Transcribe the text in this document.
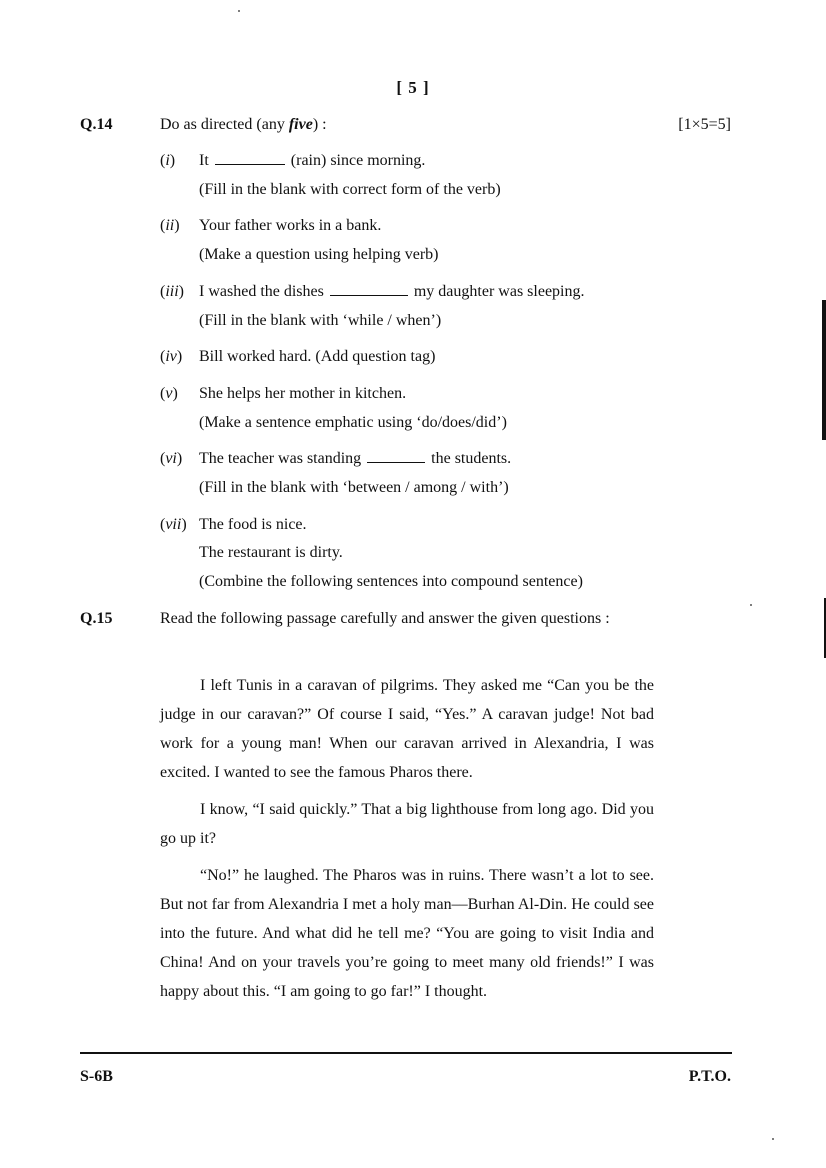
[ 5 ]
Q.14	Do as directed (any five) :	[1×5=5]
(i) It	(rain) since morning.
(Fill in the blank with correct form of the verb)
(ii) Your father works in a bank.
(Make a question using helping verb)
(iii) I washed the dishes	my daughter was sleeping.
(Fill in the blank with ‘while / when’)
(iv) Bill worked hard. (Add question tag)
(v) She helps her mother in kitchen.
(Make a sentence emphatic using ‘do/does/did’)
(vi) The teacher was standing	the students.
(Fill in the blank with ‘between / among / with’)
(vii) The food is nice.
The restaurant is dirty.
(Combine the following sentences into compound sentence)
Q.15	Read the following passage carefully and answer the given questions :
I left Tunis in a caravan of pilgrims. They asked me “Can you be the judge in our caravan?” Of course I said, “Yes.” A caravan judge! Not bad work for a young man! When our caravan arrived in Alexandria, I was excited. I wanted to see the famous Pharos there.
I know, “I said quickly.” That a big lighthouse from long ago. Did you go up it?
“No!” he laughed. The Pharos was in ruins. There wasn’t a lot to see. But not far from Alexandria I met a holy man––Burhan Al-Din. He could see into the future. And what did he tell me? “You are going to visit India and China! And on your travels you’re going to meet many old friends!” I was happy about this. “I am going to go far!” I thought.
S-6B	P.T.O.
